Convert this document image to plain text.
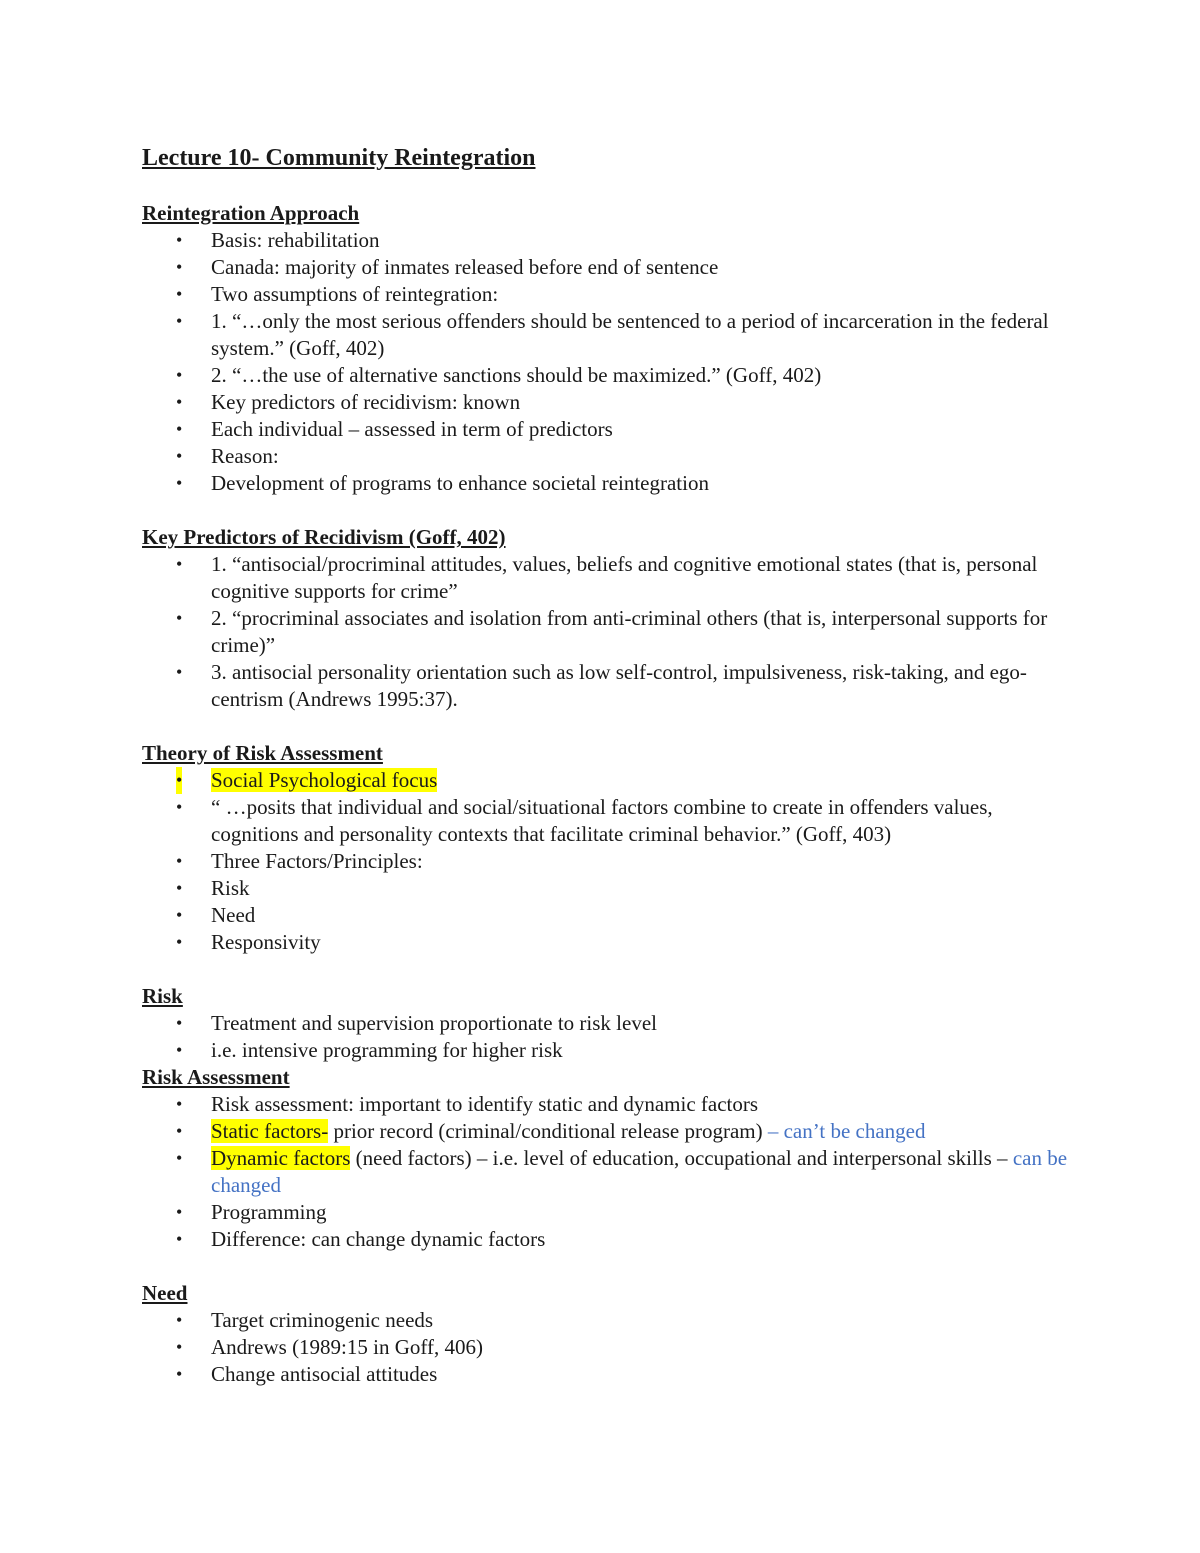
Lecture 10- Community Reintegration
Reintegration Approach
• Basis: rehabilitation
• Canada: majority of inmates released before end of sentence
• Two assumptions of reintegration:
• 1. “…only the most serious offenders should be sentenced to a period of incarceration in the federal system.” (Goff, 402)
• 2. “…the use of alternative sanctions should be maximized.” (Goff, 402)
• Key predictors of recidivism: known
• Each individual – assessed in term of predictors
• Reason:
• Development of programs to enhance societal reintegration
Key Predictors of Recidivism (Goff, 402)
• 1. “antisocial/procriminal attitudes, values, beliefs and cognitive emotional states (that is, personal cognitive supports for crime”
• 2. “procriminal associates and isolation from anti-criminal others (that is, interpersonal supports for crime)”
• 3. antisocial personality orientation such as low self-control, impulsiveness, risk-taking, and ego-centrism (Andrews 1995:37).
Theory of Risk Assessment
• Social Psychological focus
• “ …posits that individual and social/situational factors combine to create in offenders values, cognitions and personality contexts that facilitate criminal behavior.” (Goff, 403)
• Three Factors/Principles:
• Risk
• Need
• Responsivity
Risk
• Treatment and supervision proportionate to risk level
• i.e. intensive programming for higher risk
Risk Assessment
• Risk assessment: important to identify static and dynamic factors
• Static factors- prior record (criminal/conditional release program) – can’t be changed
• Dynamic factors (need factors) – i.e. level of education, occupational and interpersonal skills – can be changed
• Programming
• Difference: can change dynamic factors
Need
• Target criminogenic needs
• Andrews (1989:15 in Goff, 406)
• Change antisocial attitudes
